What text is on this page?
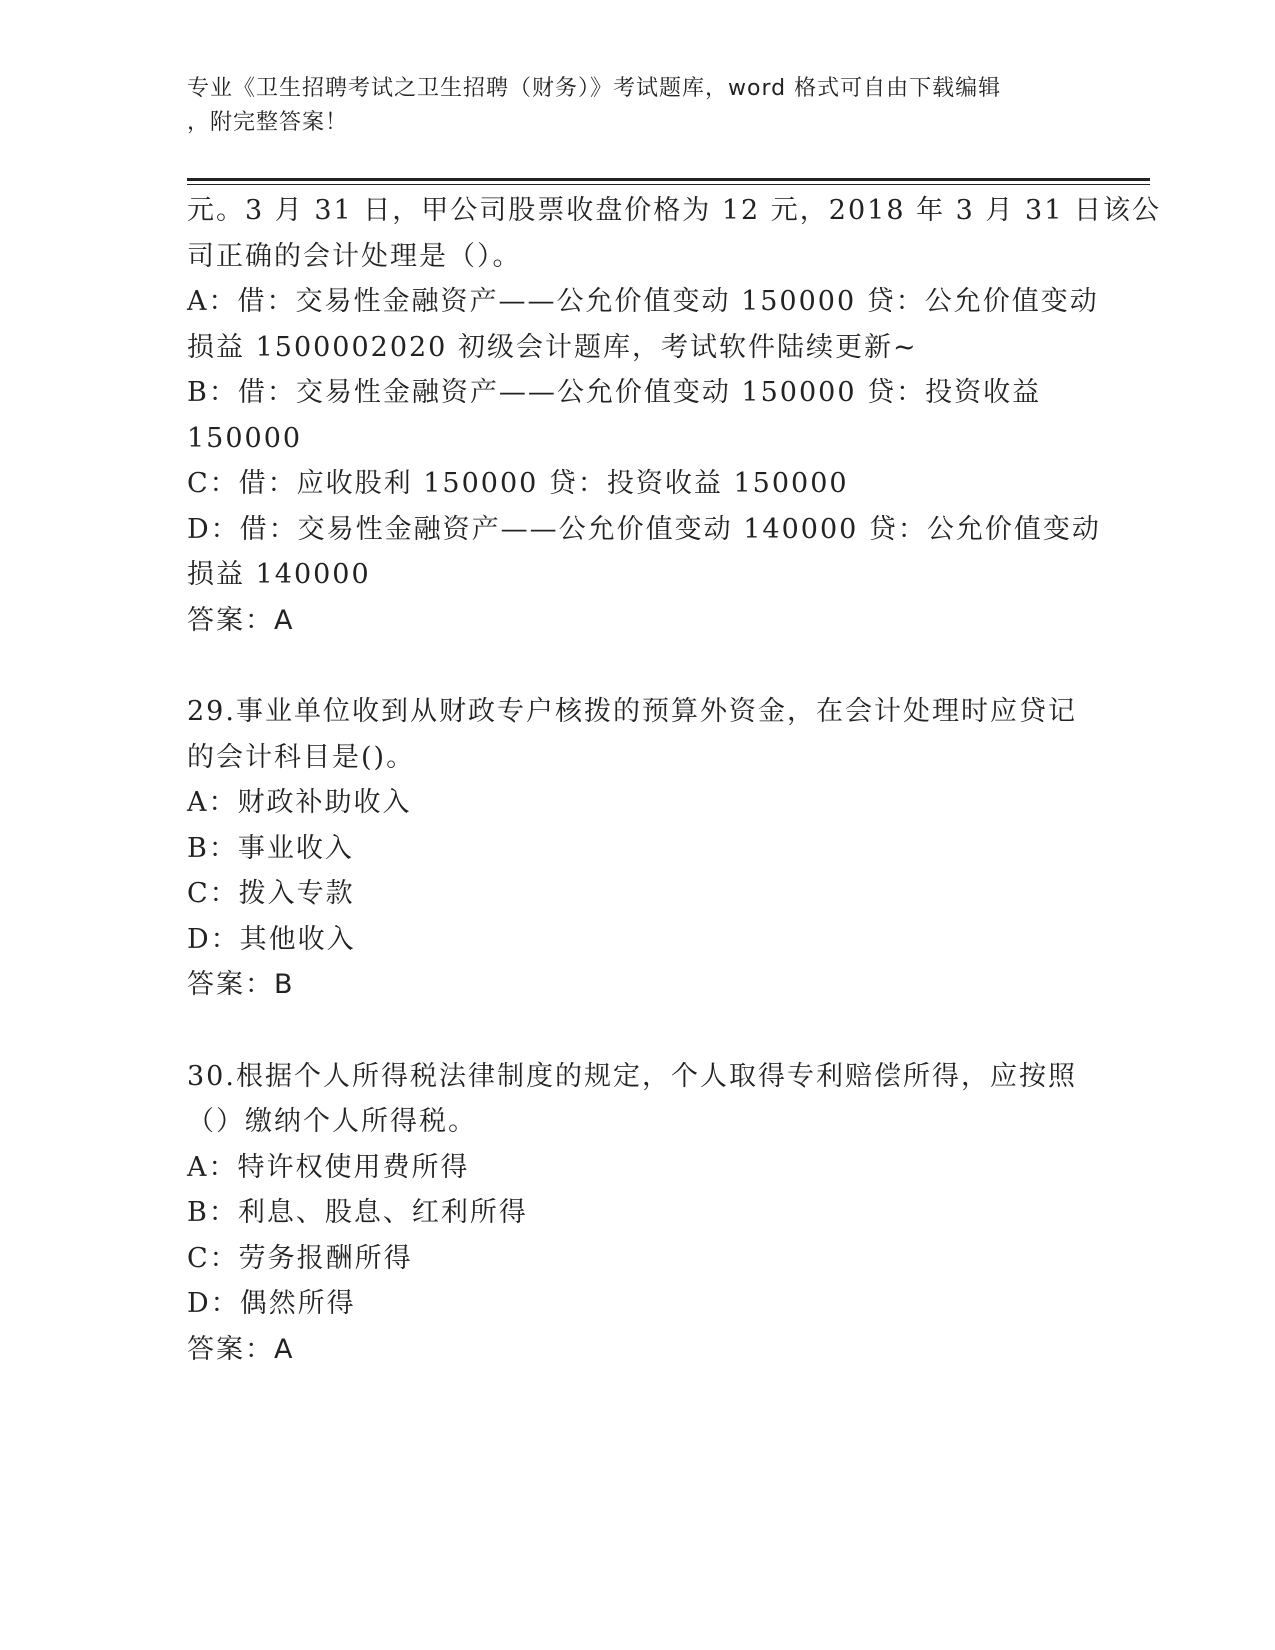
专业《卫生招聘考试之卫生招聘（财务）》考试题库，word 格式可自由下载编辑
，附完整答案！
元。3 月 31 日，甲公司股票收盘价格为 12 元，2018 年 3 月 31 日该公
司正确的会计处理是（）。
A：借：交易性金融资产——公允价值变动 150000 贷：公允价值变动
损益 1500002020 初级会计题库，考试软件陆续更新~
B：借：交易性金融资产——公允价值变动 150000 贷：投资收益
150000
C：借：应收股利 150000 贷：投资收益 150000
D：借：交易性金融资产——公允价值变动 140000 贷：公允价值变动
损益 140000
答案：A
29.事业单位收到从财政专户核拨的预算外资金，在会计处理时应贷记
的会计科目是()。
A：财政补助收入
B：事业收入
C：拨入专款
D：其他收入
答案：B
30.根据个人所得税法律制度的规定，个人取得专利赔偿所得，应按照
（）缴纳个人所得税。
A：特许权使用费所得
B：利息、股息、红利所得
C：劳务报酬所得
D：偶然所得
答案：A
